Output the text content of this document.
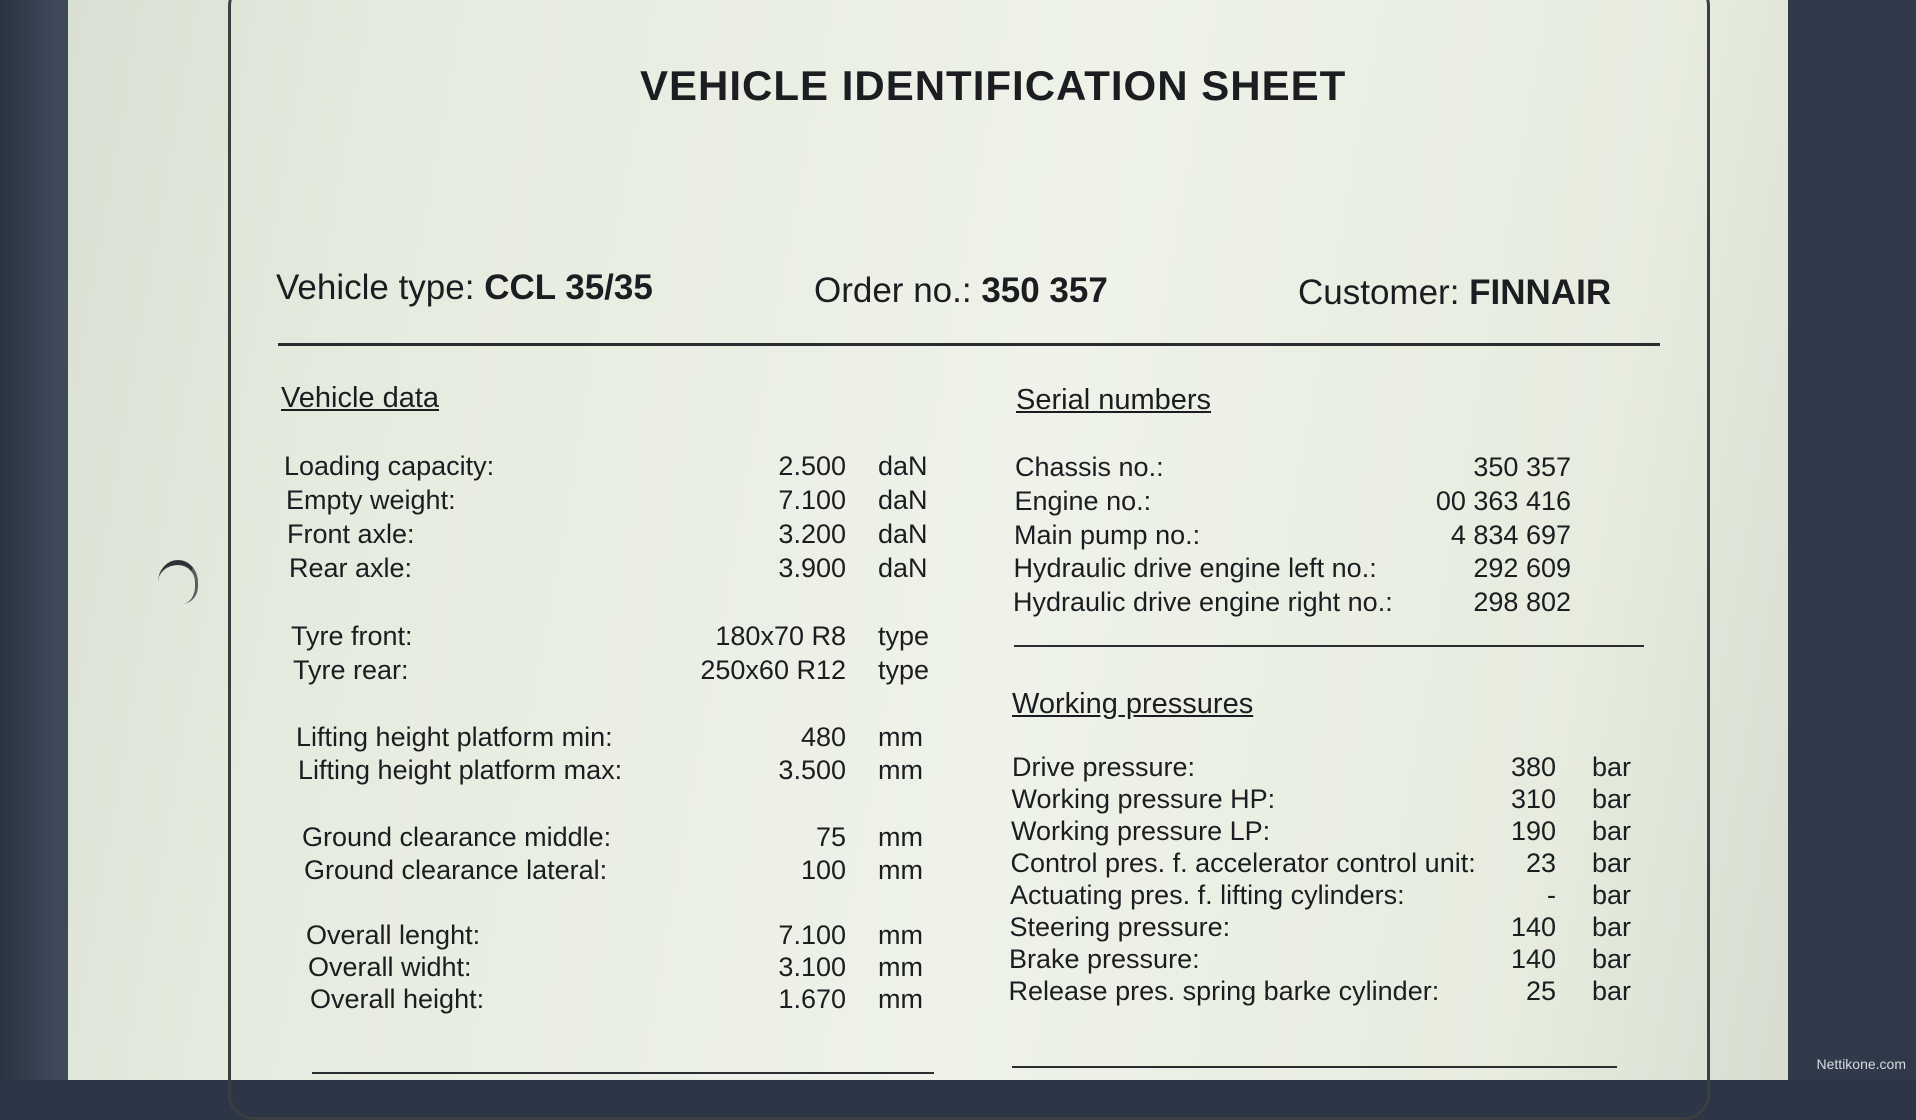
VEHICLE IDENTIFICATION SHEET
Vehicle type: CCL 35/35	Order no.: 350 357	Customer: FINNAIR
Vehicle data	Serial numbers
Working pressures
Loading capacity:	2.500 daN
Empty weight:	7.100 daN
Front axle:	3.200 daN
Rear axle:	3.900 daN
Tyre front:	180x70 R8 type
Tyre rear:	250x60 R12 type
Lifting height platform min:	480 mm
Lifting height platform max:	3.500 mm
Ground clearance middle:	75 mm
Ground clearance lateral:	100 mm
Overall lenght:	7.100 mm
Overall widht:	3.100 mm
Overall height:	1.670 mm
Chassis no.:	350 357
Engine no.:	00 363 416
Main pump no.:	4 834 697
Hydraulic drive engine left no.:	292 609
Hydraulic drive engine right no.:	298 802
Drive pressure:	380 bar
Working pressure HP:	310 bar
Working pressure LP:	190 bar
Control pres. f. accelerator control unit:	23 bar
Actuating pres. f. lifting cylinders:	- bar
Steering pressure:	140 bar
Brake pressure:	140 bar
Release pres. spring barke cylinder:	25 bar
Nettikone.com
